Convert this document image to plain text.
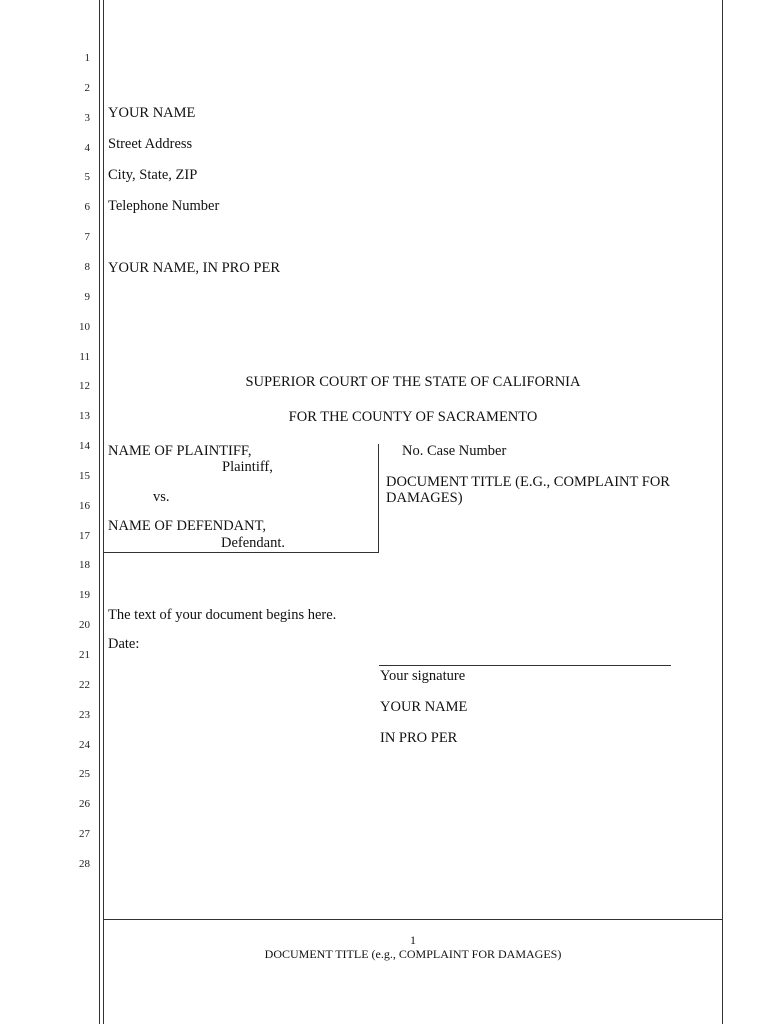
1
2
3
4
5
6
7
8
9
10
11
12
13
14
15
16
17
18
19
20
21
22
23
24
25
26
27
28
YOUR NAME
Street Address
City, State, ZIP
Telephone Number
YOUR NAME, IN PRO PER
SUPERIOR COURT OF THE STATE OF CALIFORNIA
FOR THE COUNTY OF SACRAMENTO
NAME OF PLAINTIFF,
Plaintiff,
vs.
NAME OF DEFENDANT,
Defendant.
No. Case Number
DOCUMENT TITLE (E.G., COMPLAINT FOR
DAMAGES)
The text of your document begins here.
Date:
Your signature
YOUR NAME
IN PRO PER
1
DOCUMENT TITLE (e.g., COMPLAINT FOR DAMAGES)
